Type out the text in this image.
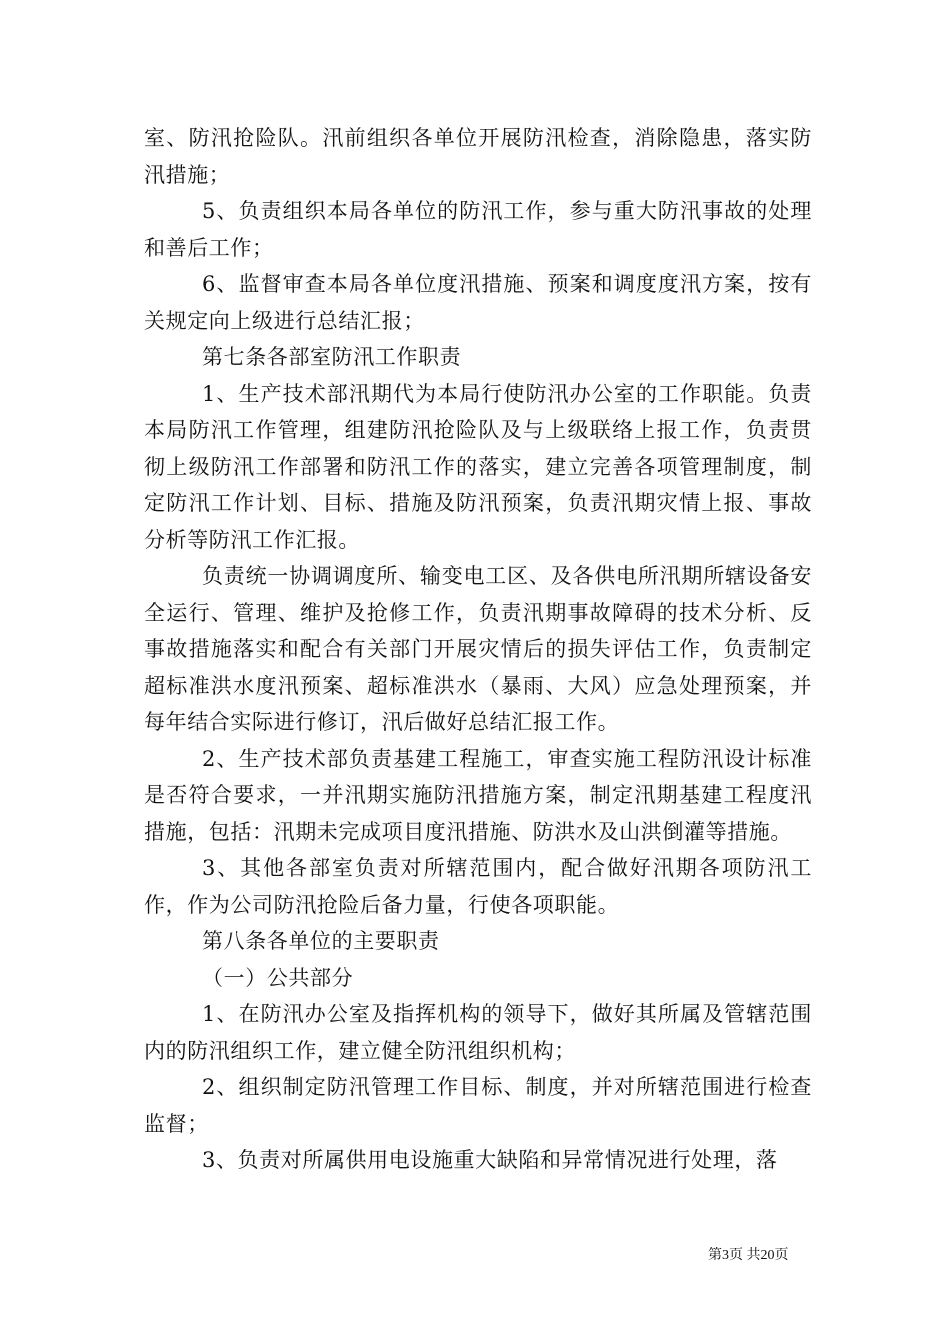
室、防汛抢险队。汛前组织各单位开展防汛检查，消除隐患，落实防汛措施；

5、负责组织本局各单位的防汛工作，参与重大防汛事故的处理和善后工作；

6、监督审查本局各单位度汛措施、预案和调度度汛方案，按有关规定向上级进行总结汇报；

第七条各部室防汛工作职责

1、生产技术部汛期代为本局行使防汛办公室的工作职能。负责本局防汛工作管理，组建防汛抢险队及与上级联络上报工作，负责贯彻上级防汛工作部署和防汛工作的落实，建立完善各项管理制度，制定防汛工作计划、目标、措施及防汛预案，负责汛期灾情上报、事故分析等防汛工作汇报。

负责统一协调调度所、输变电工区、及各供电所汛期所辖设备安全运行、管理、维护及抢修工作，负责汛期事故障碍的技术分析、反事故措施落实和配合有关部门开展灾情后的损失评估工作，负责制定超标准洪水度汛预案、超标准洪水（暴雨、大风）应急处理预案，并每年结合实际进行修订，汛后做好总结汇报工作。

2、生产技术部负责基建工程施工，审查实施工程防汛设计标准是否符合要求，一并汛期实施防汛措施方案，制定汛期基建工程度汛措施，包括：汛期未完成项目度汛措施、防洪水及山洪倒灌等措施。

3、其他各部室负责对所辖范围内，配合做好汛期各项防汛工作，作为公司防汛抢险后备力量，行使各项职能。

第八条各单位的主要职责

（一）公共部分

1、在防汛办公室及指挥机构的领导下，做好其所属及管辖范围内的防汛组织工作，建立健全防汛组织机构；

2、组织制定防汛管理工作目标、制度，并对所辖范围进行检查监督；

3、负责对所属供用电设施重大缺陷和异常情况进行处理，落

第3页 共20页
